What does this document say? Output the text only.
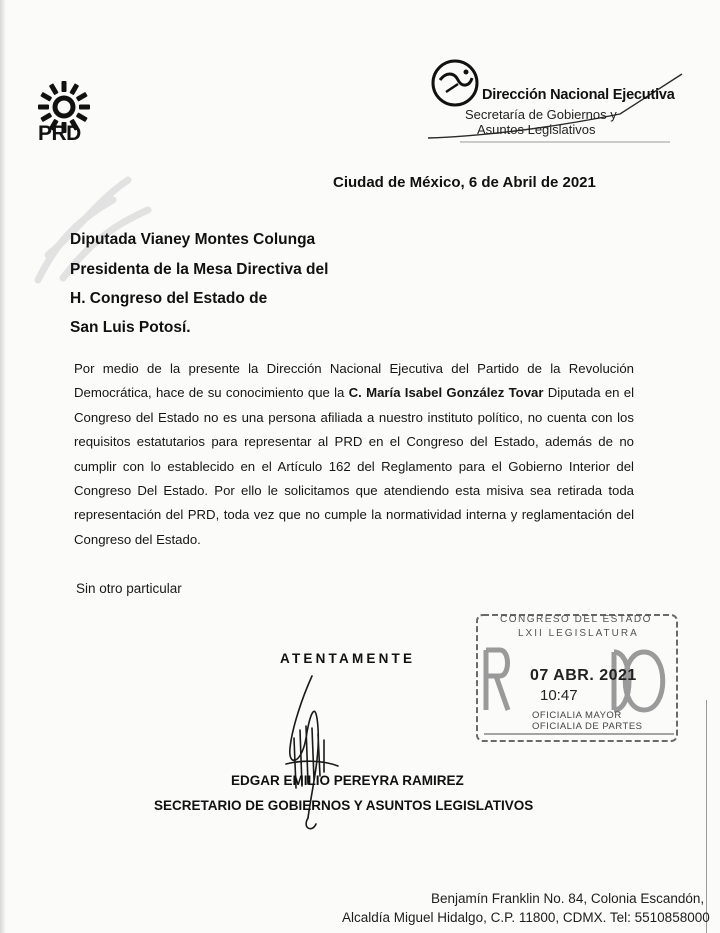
PRD
Dirección Nacional Ejecutiva
Secretaría de Gobiernos y
Asuntos Legislativos
Ciudad de México, 6 de Abril de 2021
Diputada Vianey Montes Colunga
Presidenta de la Mesa Directiva del
H. Congreso del Estado de
San Luis Potosí.
Por medio de la presente la Dirección Nacional Ejecutiva del Partido de la Revolución Democrática, hace de su conocimiento que la C. María Isabel González Tovar Diputada en el Congreso del Estado no es una persona afiliada a nuestro instituto político, no cuenta con los requisitos estatutarios para representar al PRD en el Congreso del Estado, además de no cumplir con lo establecido en el Artículo 162 del Reglamento para el Gobierno Interior del Congreso Del Estado. Por ello le solicitamos que atendiendo esta misiva sea retirada toda representación del PRD, toda vez que no cumple la normatividad interna y reglamentación del Congreso del Estado.
Sin otro particular
ATENTAMENTE
CONGRESO DEL ESTADO
LXII LEGISLATURA
07 ABR. 2021
10:47
OFICIALIA MAYOR
OFICIALIA DE PARTES
EDGAR EMILIO PEREYRA RAMIREZ
SECRETARIO DE GOBIERNOS Y ASUNTOS LEGISLATIVOS
Benjamín Franklin No. 84, Colonia Escandón,
Alcaldía Miguel Hidalgo, C.P. 11800, CDMX. Tel: 5510858000
